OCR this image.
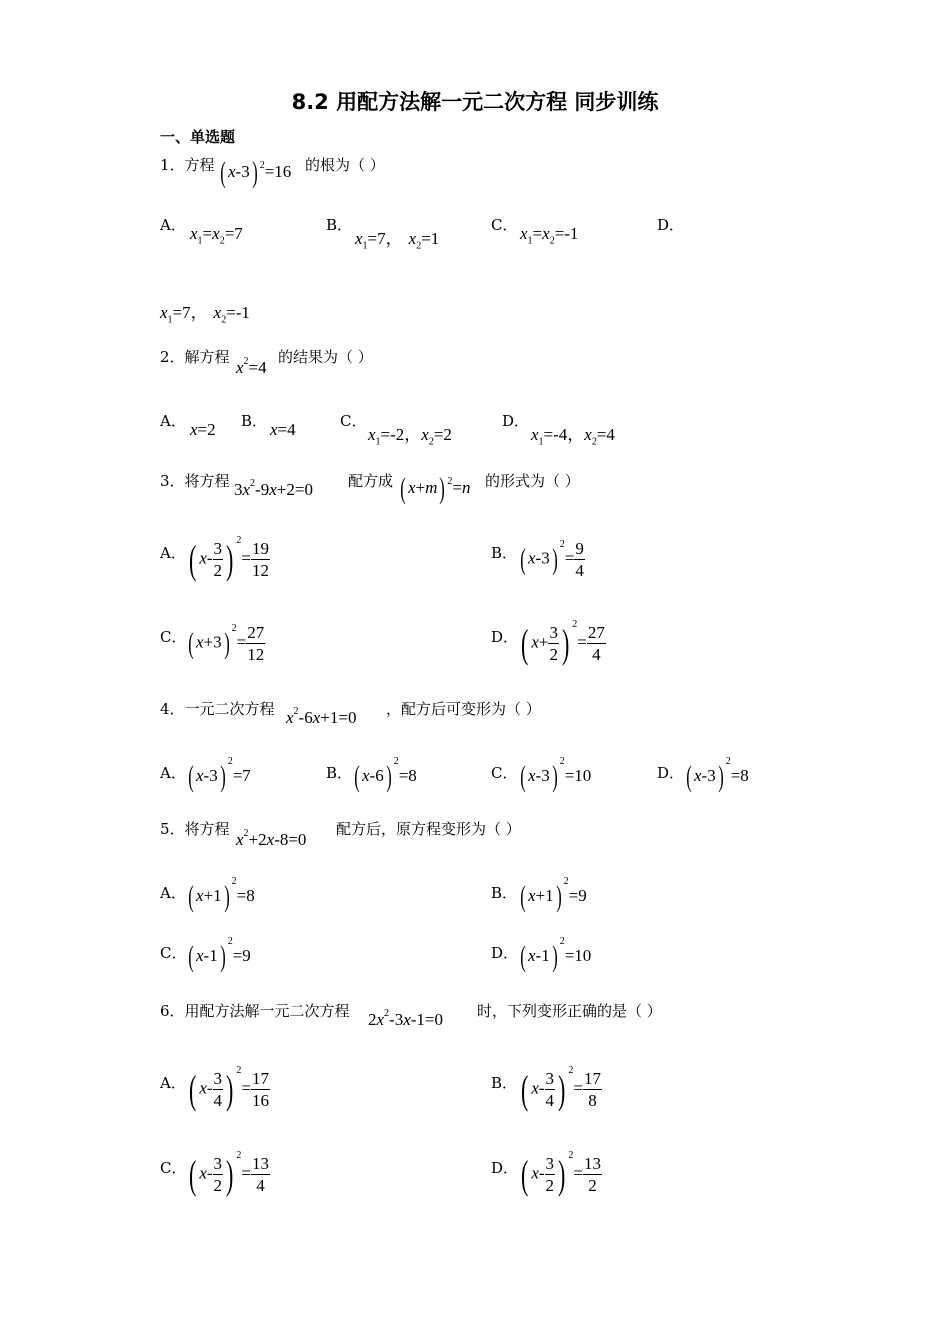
8.2 用配方法解一元二次方程 同步训练
一、单选题
1．方程 ( x-3) $^2$=16 的根为（ ）
A． $x_1=x_2=7$	B．
$x_1=7$， $x_2=1$
C． $x_1=x_2=-1$	D．
$x_1=7$， $x_2=-1$
2．解方程
$x^2=4$
的结果为（ ）
A． x=2 B． x=4	C．
$x_1=-2$，$x_2=2$
D．
$x_1=-4$，$x_2=4$
3．将方程 $3x^2-9x+2=0$ 配方成 ( x+m) $^2$=n 的形式为（ ）
A． ( $x- \frac{3}{2}$ ) $^2= \frac{19}{12}$	B． ( x-3) $^2= \frac{9}{4}$
C． ( x+3) $^2= \frac{27}{12}$	D． ( $x+ \frac{3}{2}$ ) $^2= \frac{27}{4}$
4．一元二次方程 $x^2-6x+1=0$ ，配方后可变形为（ ）
A． ( x-3) $^2$=7	B． ( x-6) $^2$=8	C． ( x-3) $^2$=10	D． ( x-3) $^2$=8
5．将方程
$x^2+2x-8=0$
配方后，原方程变形为（ ）
A． ( x+1) $^2$=8	B． ( x+1) $^2$=9
C． ( x-1) $^2$=9	D． ( x-1) $^2$=10
6．用配方法解一元二次方程 $2x^2-3x-1=0$ 时，下列变形正确的是（ ）
A． ( $x- \frac{3}{4}$ ) $^2= \frac{17}{16}$	B． ( $x- \frac{3}{4}$ ) $^2= \frac{17}{8}$
C． ( $x- \frac{3}{2}$ ) $^2= \frac{13}{4}$	D． ( $x- \frac{3}{2}$ ) $^2= \frac{13}{2}$
